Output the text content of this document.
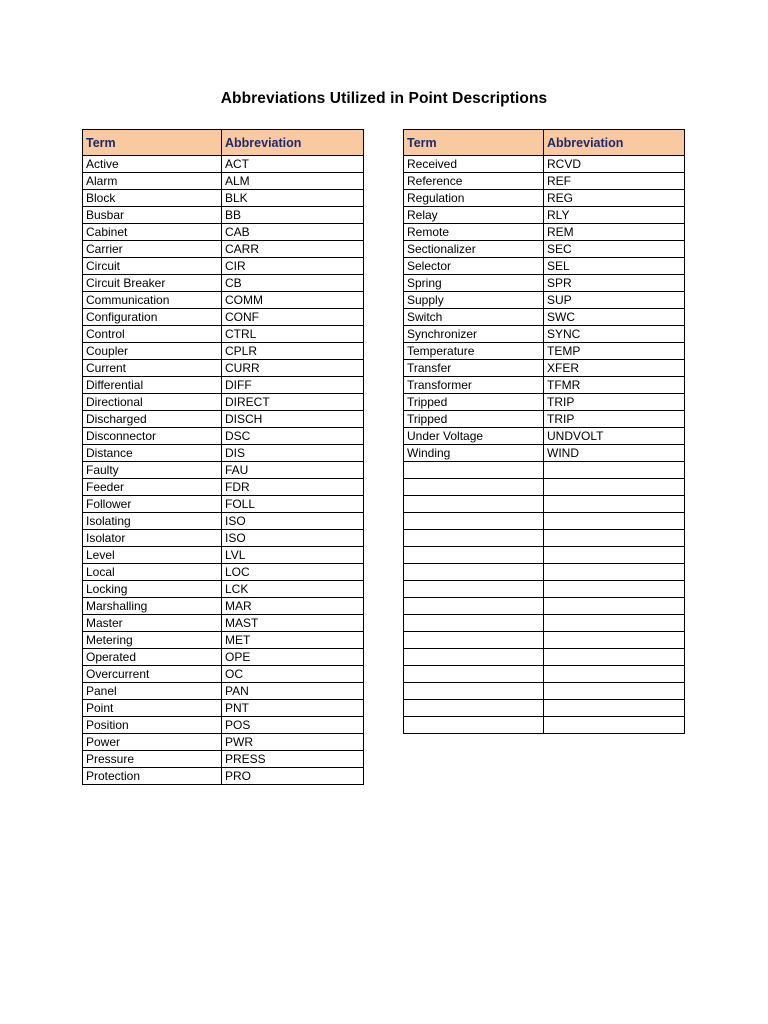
Abbreviations Utilized in Point Descriptions
Term	Abbreviation
Active	ACT
Alarm	ALM
Block	BLK
Busbar	BB
Cabinet	CAB
Carrier	CARR
Circuit	CIR
Circuit Breaker	CB
Communication	COMM
Configuration	CONF
Control	CTRL
Coupler	CPLR
Current	CURR
Differential	DIFF
Directional	DIRECT
Discharged	DISCH
Disconnector	DSC
Distance	DIS
Faulty	FAU
Feeder	FDR
Follower	FOLL
Isolating	ISO
Isolator	ISO
Level	LVL
Local	LOC
Locking	LCK
Marshalling	MAR
Master	MAST
Metering	MET
Operated	OPE
Overcurrent	OC
Panel	PAN
Point	PNT
Position	POS
Power	PWR
Pressure	PRESS
Protection	PRO
Term	Abbreviation
Received	RCVD
Reference	REF
Regulation	REG
Relay	RLY
Remote	REM
Sectionalizer	SEC
Selector	SEL
Spring	SPR
Supply	SUP
Switch	SWC
Synchronizer	SYNC
Temperature	TEMP
Transfer	XFER
Transformer	TFMR
Tripped	TRIP
Tripped	TRIP
Under Voltage	UNDVOLT
Winding	WIND
